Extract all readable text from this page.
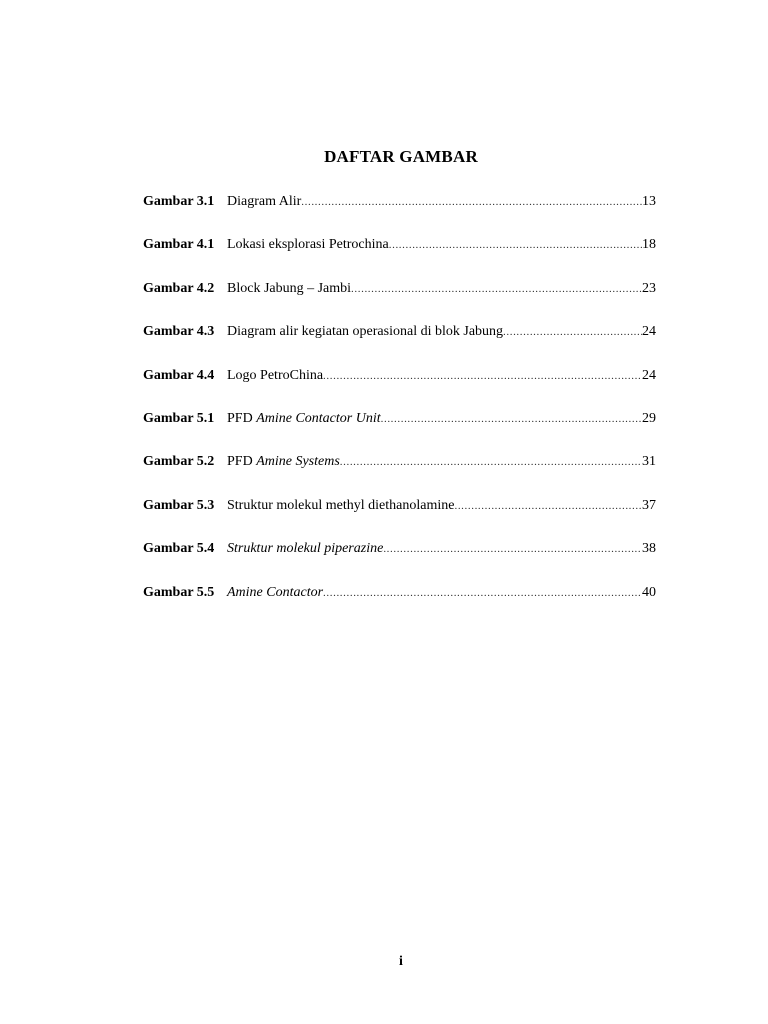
DAFTAR GAMBAR
Gambar 3.1 Diagram Alir .....	13
Gambar 4.1 Lokasi eksplorasi Petrochina .....	18
Gambar 4.2 Block Jabung – Jambi .....	23
Gambar 4.3 Diagram alir kegiatan operasional di blok Jabung .....	24
Gambar 4.4 Logo PetroChina .....	24
Gambar 5.1 PFD Amine Contactor Unit .....	29
Gambar 5.2 PFD Amine Systems .....	31
Gambar 5.3 Struktur molekul methyl diethanolamine .....	37
Gambar 5.4 Struktur molekul piperazine .....	38
Gambar 5.5 Amine Contactor .....	40
i
